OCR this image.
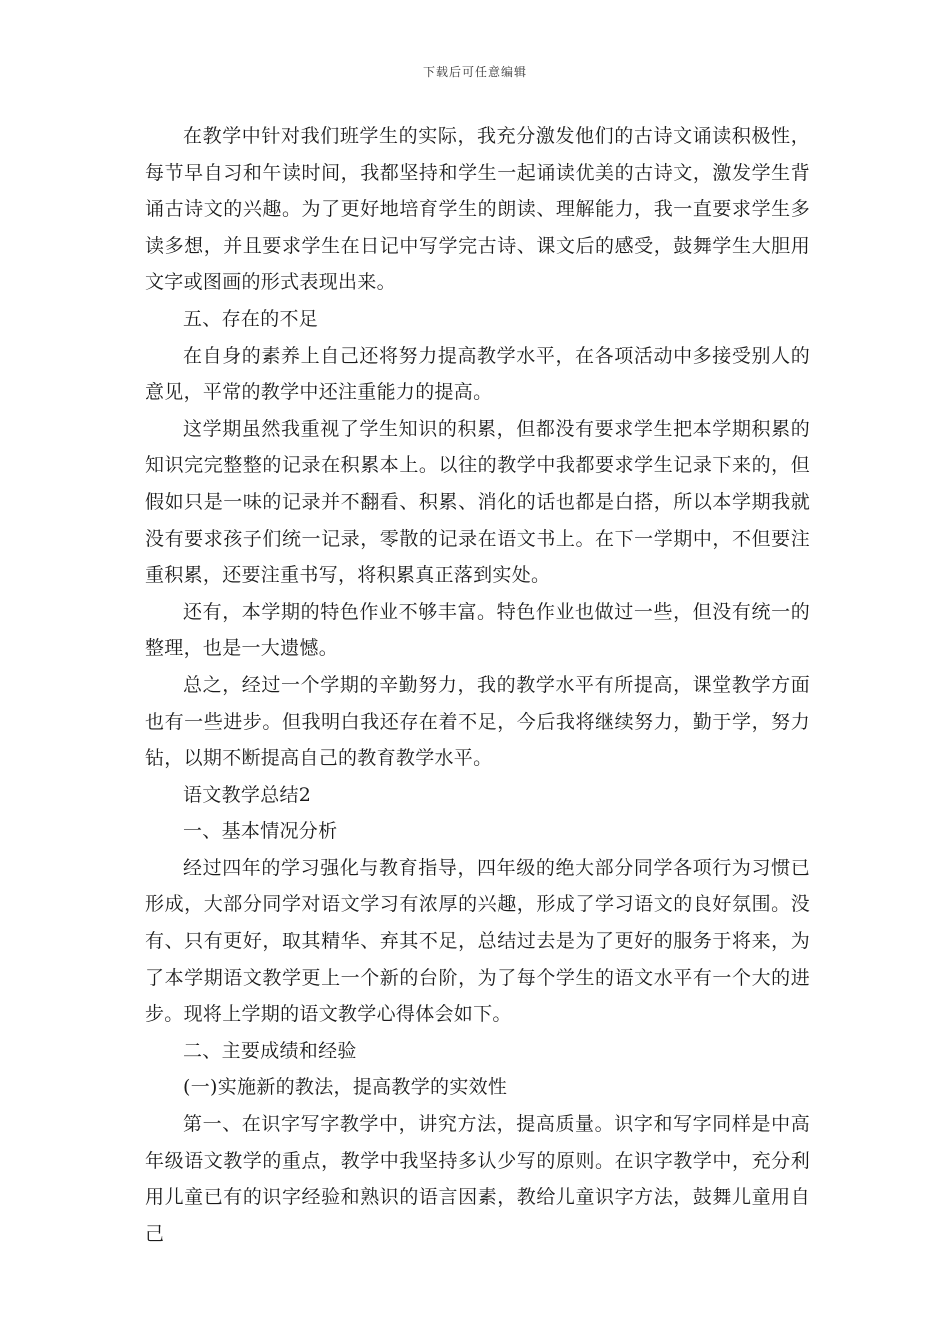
下载后可任意编辑

在教学中针对我们班学生的实际，我充分激发他们的古诗文诵读积极性，每节早自习和午读时间，我都坚持和学生一起诵读优美的古诗文，激发学生背诵古诗文的兴趣。为了更好地培育学生的朗读、理解能力，我一直要求学生多读多想，并且要求学生在日记中写学完古诗、课文后的感受，鼓舞学生大胆用文字或图画的形式表现出来。

五、存在的不足

在自身的素养上自己还将努力提高教学水平，在各项活动中多接受别人的意见，平常的教学中还注重能力的提高。

这学期虽然我重视了学生知识的积累，但都没有要求学生把本学期积累的知识完完整整的记录在积累本上。以往的教学中我都要求学生记录下来的，但假如只是一味的记录并不翻看、积累、消化的话也都是白搭，所以本学期我就没有要求孩子们统一记录，零散的记录在语文书上。在下一学期中，不但要注重积累，还要注重书写，将积累真正落到实处。

还有，本学期的特色作业不够丰富。特色作业也做过一些，但没有统一的整理，也是一大遗憾。

总之，经过一个学期的辛勤努力，我的教学水平有所提高，课堂教学方面也有一些进步。但我明白我还存在着不足，今后我将继续努力，勤于学，努力钻，以期不断提高自己的教育教学水平。

语文教学总结2

一、基本情况分析

经过四年的学习强化与教育指导，四年级的绝大部分同学各项行为习惯已形成，大部分同学对语文学习有浓厚的兴趣，形成了学习语文的良好氛围。没有、只有更好，取其精华、弃其不足，总结过去是为了更好的服务于将来，为了本学期语文教学更上一个新的台阶，为了每个学生的语文水平有一个大的进步。现将上学期的语文教学心得体会如下。

二、主要成绩和经验

(一)实施新的教法，提高教学的实效性

第一、在识字写字教学中，讲究方法，提高质量。识字和写字同样是中高年级语文教学的重点，教学中我坚持多认少写的原则。在识字教学中，充分利用儿童已有的识字经验和熟识的语言因素，教给儿童识字方法，鼓舞儿童用自己
